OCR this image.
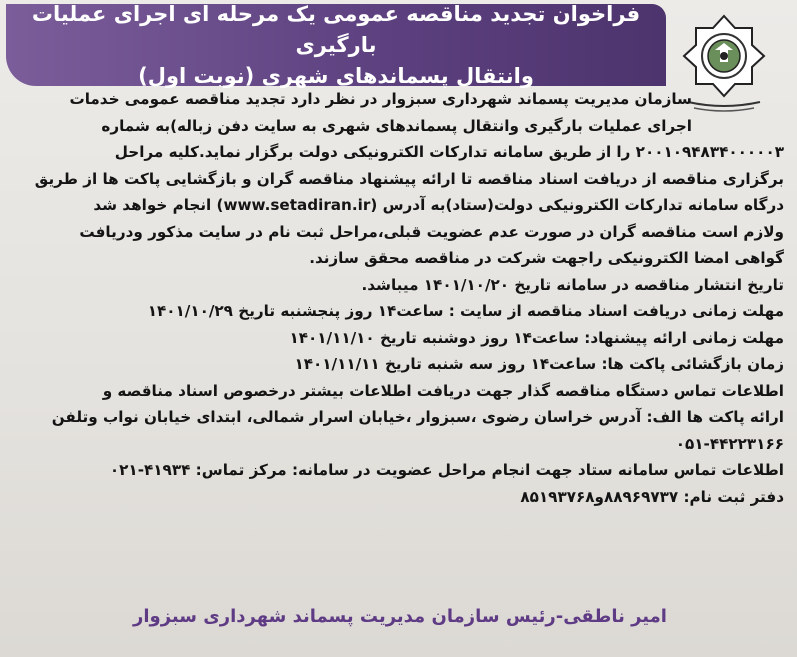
فراخوان تجدید مناقصه عمومی یک مرحله ای اجرای عملیات بارگیری
وانتقال پسماندهای شهری (نوبت اول)
سازمان مدیریت پسماند شهرداری سبزوار در نظر دارد تجدید مناقصه عمومی خدمات
اجرای عملیات بارگیری وانتقال پسماندهای شهری به سایت دفن زباله)به شماره
۲۰۰۱۰۹۴۸۳۴۰۰۰۰۰۳ را از طریق سامانه تدارکات الکترونیکی دولت برگزار نماید.کلیه مراحل
برگزاری مناقصه از دریافت اسناد مناقصه تا ارائه پیشنهاد مناقصه گران و بازگشایی پاکت ها از طریق
درگاه سامانه تدارکات الکترونیکی دولت(ستاد)به آدرس (www.setadiran.ir) انجام خواهد شد
ولازم است مناقصه گران در صورت عدم عضویت قبلی،مراحل ثبت نام در سایت مذکور ودریافت
گواهی امضا الکترونیکی راجهت شرکت در مناقصه محقق سازند.
تاریخ انتشار مناقصه در سامانه تاریخ ۱۴۰۱/۱۰/۲۰ میباشد.
مهلت زمانی دریافت اسناد مناقصه از سایت : ساعت۱۴ روز پنجشنبه تاریخ ۱۴۰۱/۱۰/۲۹
مهلت زمانی ارائه پیشنهاد: ساعت۱۴ روز دوشنبه تاریخ ۱۴۰۱/۱۱/۱۰
زمان بازگشائی پاکت ها: ساعت۱۴ روز سه شنبه تاریخ ۱۴۰۱/۱۱/۱۱
اطلاعات تماس دستگاه مناقصه گذار جهت دریافت اطلاعات بیشتر درخصوص اسناد مناقصه و
ارائه پاکت ها الف: آدرس خراسان رضوی ،سبزوار ،خیابان اسرار شمالی، ابتدای خیابان نواب وتلفن
۰۵۱-۴۴۲۲۳۱۶۶
اطلاعات تماس سامانه ستاد جهت انجام مراحل عضویت در سامانه: مرکز تماس: ۴۱۹۳۴-۰۲۱
دفتر ثبت نام: ۸۸۹۶۹۷۳۷و۸۵۱۹۳۷۶۸
امیر ناطقی-رئیس سازمان مدیریت پسماند شهرداری سبزوار
